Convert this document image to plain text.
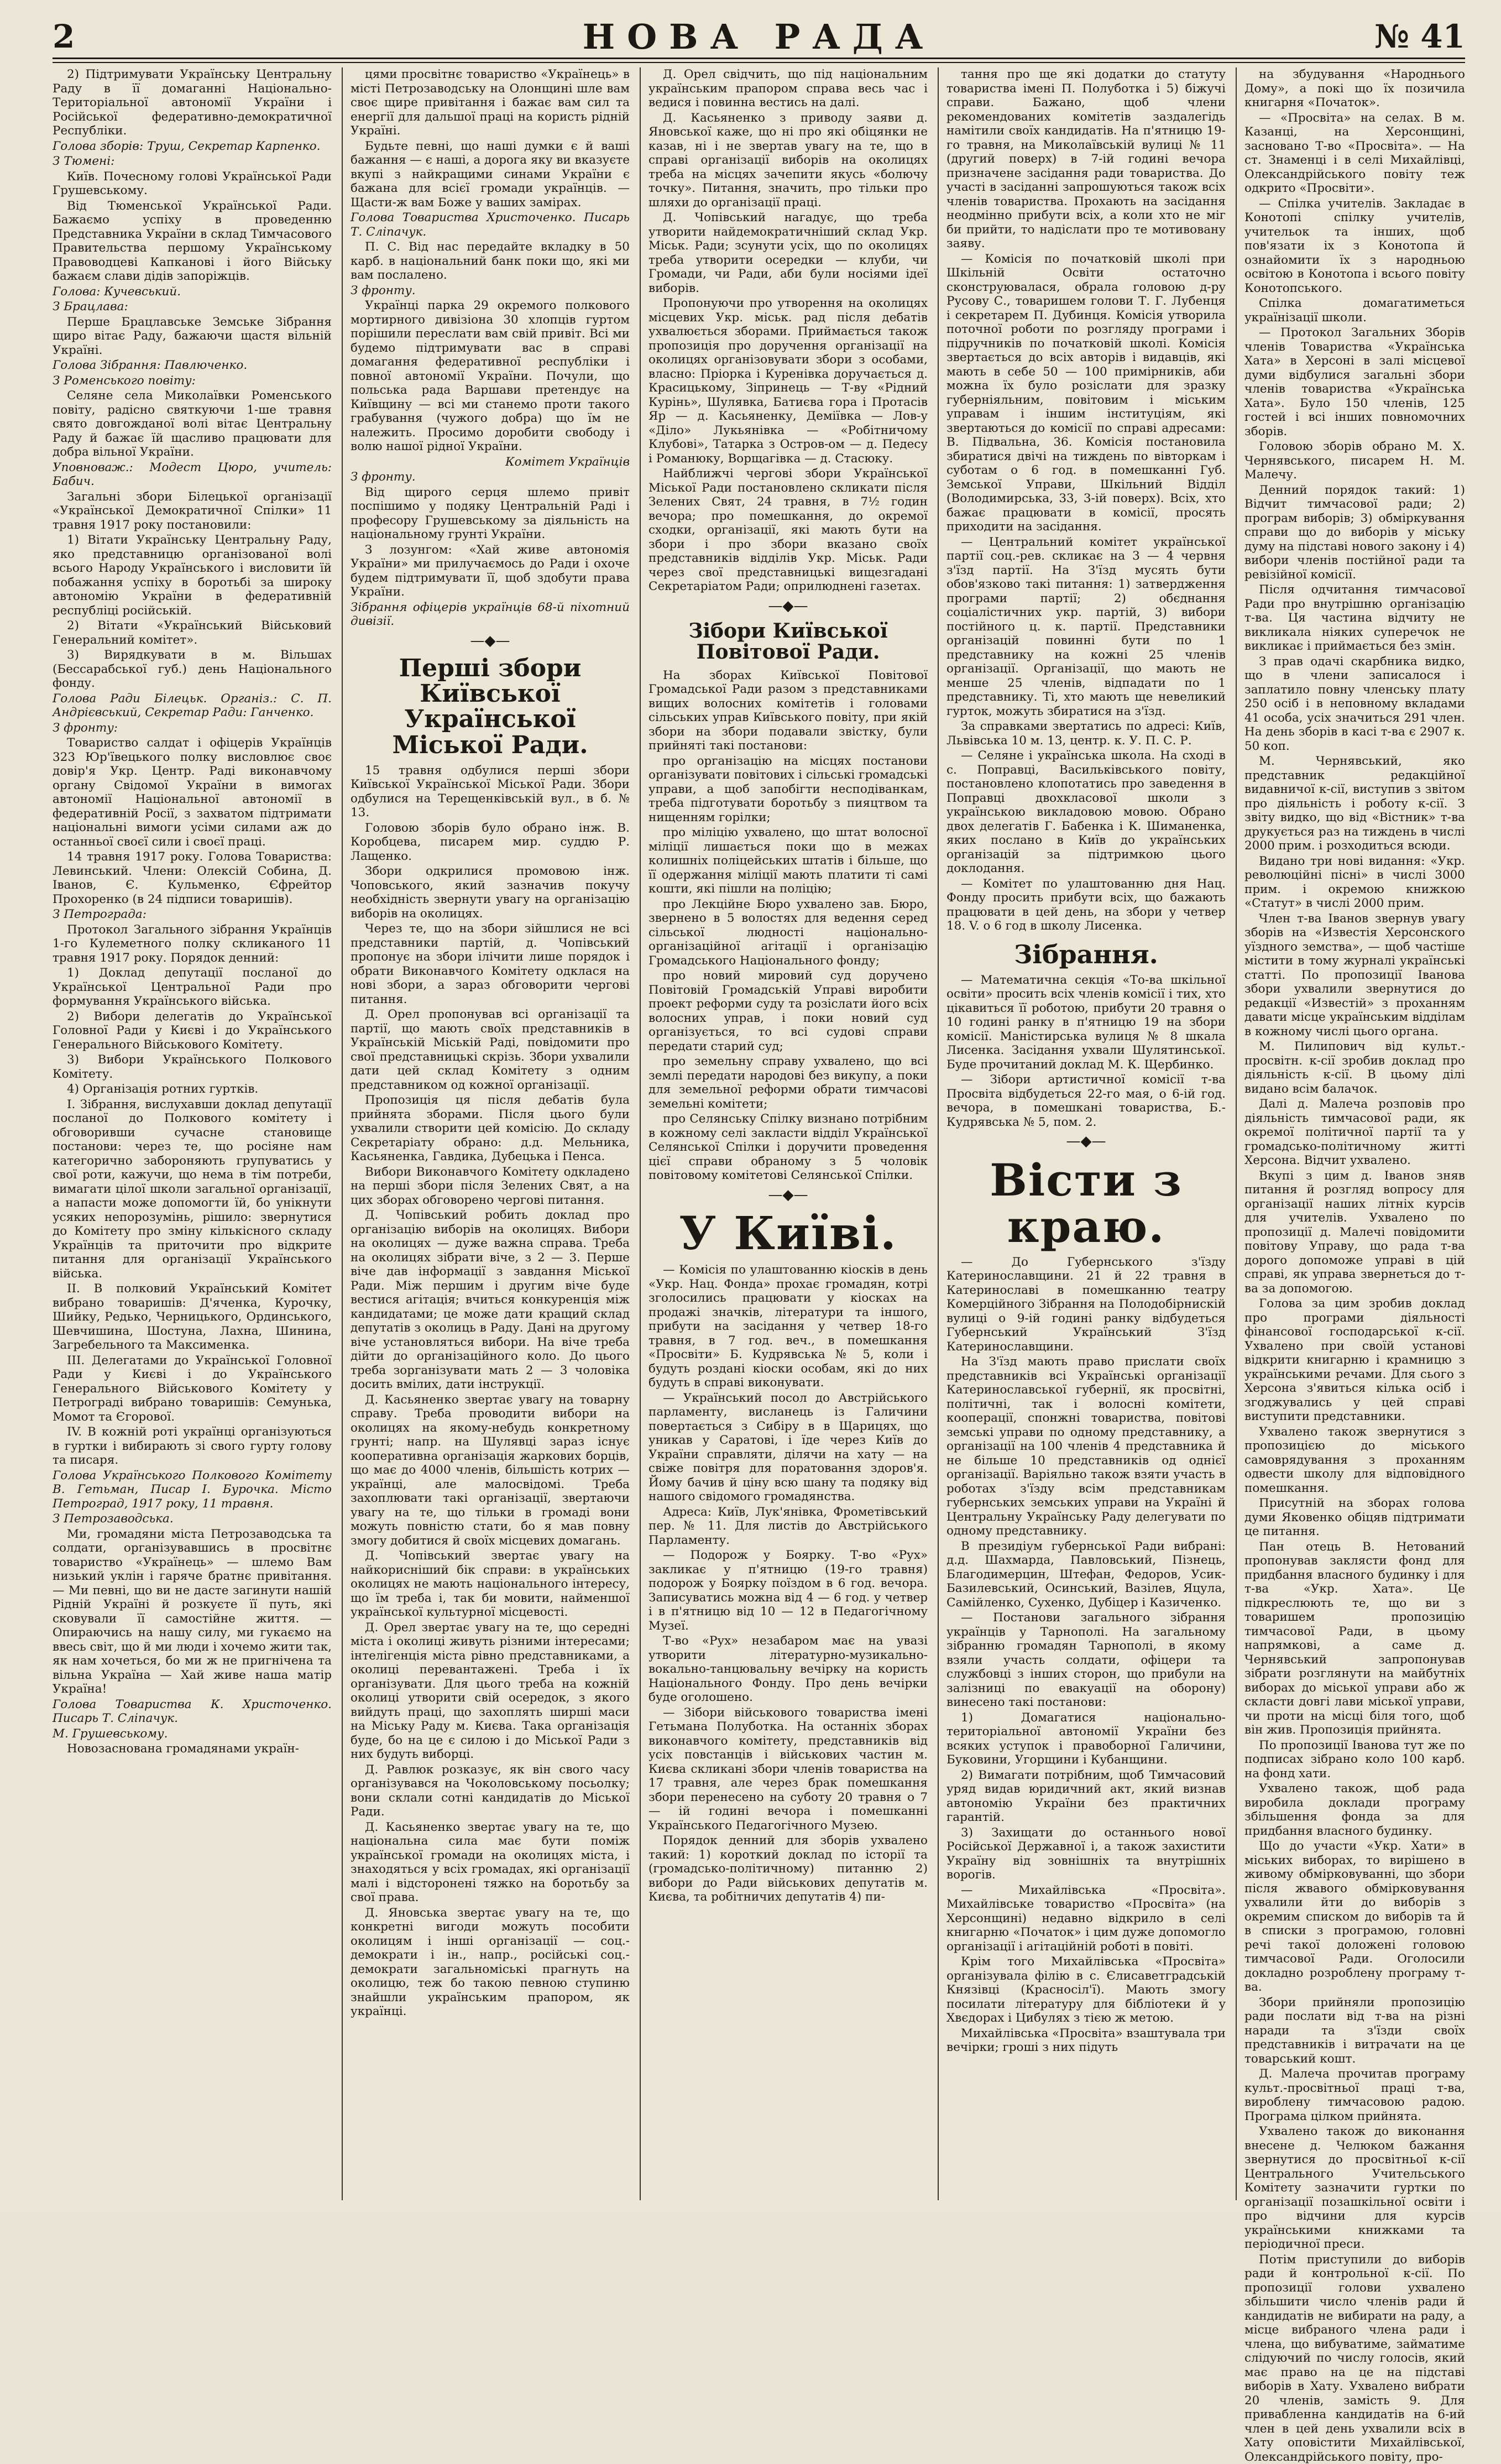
2	НОВА РАДА	№ 41

2) Підтримувати Українську Центральну Раду в її домаганні Національно-Територіальної автономії України і Російської федеративно-демократичної Республіки.

Голова зборів: Труш, Секретар Карпенко.

З Тюмені:

Київ. Почесному голові Української Ради Грушевському.

Від Тюменської Української Ради. Бажаємо успіху в проведенню Представника України в склад Тимчасового Правительства першому Українському Правоводцеві Капканові і його Війську бажаєм слави дідів запоріжців.

Голова: Кучевський.

З Брацлава:

Перше Брацлавське Земське Зібрання щиро вітає Раду, бажаючи щастя вільній Україні.

Голова Зібрання: Павлюченко.

З Роменського повіту:

Селяне села Миколаївки Роменського повіту, радісно святкуючи 1-ше травня свято довгожданої волі вітає Центральну Раду й бажає їй щасливо працювати для добра вільної України.

Уповноваж.: Модест Цюро, учитель: Бабич.

Загальні збори Білецької організації «Української Демократичної Спілки» 11 травня 1917 року постановили:

1) Вітати Українську Центральну Раду, яко представницю організованої волі всього Народу Українського і висловити їй побажання успіху в боротьбі за широку автономію України в федеративній республіці російській.

2) Вітати «Український Військовий Генеральний комітет».

3) Вирядкувати в м. Вільшах (Бессарабської губ.) день Національного фонду.

Голова Ради Білецьк. Організ.: С. П. Андрієвський, Секретар Ради: Ганченко.

З фронту:

Товариство салдат і офіцерів Українців 323 Юр'ївецького полку висловлює своє довір'я Укр. Центр. Раді виконавчому органу Свідомої України в вимогах автономії Національної автономії в федеративній Росії, з захватом підтримати національні вимоги усіми силами аж до останньої своєї сили і своєї праці.

14 травня 1917 року. Голова Товариства: Левинський. Члени: Олексій Собина, Д. Іванов, Є. Кульменко, Єфрейтор Прохоренко (в 24 підписи товаришів).

З Петрограда:

Протокол Загального зібрання Українців 1-го Кулеметного полку скликаного 11 травня 1917 року. Порядок денний:

1) Доклад депутації посланої до Української Центральної Ради про формування Українського війська.

2) Вибори делегатів до Української Головної Ради у Києві і до Українського Генерального Військового Комітету.

3) Вибори Українського Полкового Комітету.

4) Організація ротних гуртків.

I. Зібрання, вислухавши доклад депутації посланої до Полкового комітету і обговоривши сучасне становище постанови: через те, що росіяне нам категорично забороняють групуватись у свої роти, кажучи, що нема в тім потреби, вимагати цілої школи загальної організації, а напасти може допомогти їй, бо унікнути усяких непорозумінь, рішило: звернутися до Комітету про зміну кількісного складу Українців та приточити про відкрите питання для організації Українського війська.

II. В полковий Український Комітет вибрано товаришів: Д'яченка, Курочку, Шийку, Редько, Черницького, Ординського, Шевчишина, Шостунa, Лахна, Шинина, Загребельного та Максименка.

III. Делегатами до Української Головної Ради у Києві і до Українського Генерального Військового Комітету у Петрограді вибрано товаришів: Семунька, Момот та Єгорової.

IV. В кожній роті українці організуються в гуртки і вибирають зі свого гурту голову та писаря.

Голова Українського Полкового Комітету В. Гетьман, Писар І. Бурочка. Місто Петроград, 1917 року, 11 травня.

З Петрозаводська.

Ми, громадяни міста Петрозаводська та солдати, організувавшись в просвітнє товариство «Українець» — шлемо Вам низький уклін і гаряче братнє привітання. — Ми певні, що ви не дасте загинути нашій Рідній Україні й розкуєте її путь, які сковували її самостійне життя. — Опираючись на нашу силу, ми гукаємо на ввесь світ, що й ми люди і хочемо жити так, як нам хочеться, бо ми ж не пригнічена та вільна Україна — Хай живе наша матір Україна!

Голова Товариства К. Христоченко. Писарь Т. Сліпачук.

М. Грушевському.

Новозаснована громадянами україн-

цями просвітнє товариство «Українець» в місті Петрозаводську на Олонщині шле вам своє щире привітання і бажає вам сил та енергії для дальшої праці на користь рідній Україні.

Будьте певні, що наші думки є й ваші бажання — є наші, а дорога яку ви вказуєте вкупі з найкращими синами України є бажана для всієї громади українців. — Щасти-ж вам Боже у ваших замірах.

Голова Товариства Христоченко. Писарь Т. Сліпачук.

П. С. Від нас передайте вкладку в 50 карб. в національний банк поки що, які ми вам послалено.

З фронту.

Українці парка 29 окремого полкового мортирного дивізіона 30 хлопців гуртом порішили переслати вам свій привіт. Всі ми будемо підтримувати вас в справі домагання федеративної республіки і повної автономії України. Почули, що польська рада Варшави претендує на Київщину — всі ми станемо проти такого грабування (чужого добра) що їм не належить. Просимо доробити свободу і волю нашої рідної України.

Комітет Українців

З фронту.

Від щирого серця шлемо привіт поспішимо у подяку Центральній Раді і професору Грушевському за діяльність на національному грунті України.

З лозунгом: «Хай живе автономія України» ми прилучаємось до Ради і охоче будем підтримувати її, щоб здобути права України.

Зібрання офіцерів українців 68-й піхотний дивізії.

—◆—
Перші збори Київської Української Міської Ради.

15 травня одбулися перші збори Київської Української Міської Ради. Збори одбулися на Терещенківській вул., в б. № 13.

Головою зборів було обрано інж. В. Коробцева, писарем мир. суддю Р. Лащенко.

Збори одкрилися промовою інж. Чоповського, який зазначив покучу необхідність звернути увагу на організацію виборів на околицях.

Через те, що на збори зійшлися не всі представники партій, д. Чопівський пропонує на збори ілічити лише порядок і обрати Виконавчого Комітету одклася на нові збори, а зараз обговорити чергові питання.

Д. Орел пропонував всі організації та партії, що мають своїх представників в Українській Міській Раді, повідомити про свої представницькі скрізь. Збори ухвалили дати цей склад Комітету з одним представником од кожної організації.

Пропозиція ця після дебатів була прийнята зборами. Після цього були ухвалили створити цей комісію. До складу Секретаріату обрано: д.д. Мельника, Касьяненка, Гавдика, Дубецька і Пенса.

Вибори Виконавчого Комітету одкладено на перші збори після Зелених Свят, а на цих зборах обговорено чергові питання.

Д. Чопівський робить доклад про організацію виборів на околицях. Вибори на околицях — дуже важна справа. Треба на околицях зібрати віче, з 2 — 3. Перше віче дав інформації з завдання Міської Ради. Між першим і другим віче буде вестися агітація; вчиться конкуренція між кандидатами; це може дати кращий склад депутатів з околиць в Раду. Дані на другому віче установляться вибори. На віче треба дійти до організаційного коло. До цього треба зорганізувати мать 2 — 3 чоловіка досить вмілих, дати інструкції.

Д. Касьяненко звертає увагу на товарну справу. Треба проводити вибори на околицях на якому-небудь конкретному грунті; напр. на Шулявці зараз існує кооперативна організація жаркових борців, що має до 4000 членів, більшість котрих — українці, але малосвідомі. Треба захоплювати такі організації, звертаючи увагу на те, що тільки в громаді вони можуть повністю стати, бо я мав повну змогу добитися й своїх місцевих домагань.

Д. Чопівський звертає увагу на найкорисніший бік справи: в українських околицях не мають національного інтересу, що їм треба і, так би мовити, найменшої української культурної місцевості.

Д. Орел звертає увагу на те, що середні міста і околиці живуть різними інтересами; інтелігенція міста рівно представниками, а околиці перевантажені. Треба і їх організувати. Для цього треба на кожній околиці утворити свій осередок, з якого вийдуть праці, що захоплять ширші маси на Міську Раду м. Києва. Така організація буде, бо на це є силою і до Міської Ради з них будуть виборці.

Д. Равлюк розказує, як він свого часу організувався на Чоколовському посьолку; вони склали сотні кандидатів до Міської Ради.

Д. Касьяненко звертає увагу на те, що національна сила має бути поміж української громади на околицях міста, і знаходяться у всіх громадах, які організації малі і відсторонені тяжко на боротьбу за свої права.

Д. Яновська звертає увагу на те, що конкретні вигоди можуть пособити околицям і інші організації — соц.-демократи і ін., напр., російські соц.-демократи загальноміські прагнуть на околицю, теж бо такою певною ступиню знайшли українським прапором, як українці.

Д. Орел свідчить, що під національним українським прапором справа весь час і ведися і повинна вестись на далі.

Д. Касьяненко з приводу заяви д. Яновської каже, що ні про які обіцянки не казав, ні і не звертав увагу на те, що в справі організації виборів на околицях треба на місцях зачепити якусь «болючу точку». Питання, значить, про тільки про шляхи до організації праці.

Д. Чопівський нагадує, що треба утворити найдемократичніший склад Укр. Міськ. Ради; зсунути усіх, що по околицях треба утворити осередки — клуби, чи Громади, чи Ради, аби були носіями ідеї виборів.

Пропонуючи про утворення на околицях місцевих Укр. міськ. рад після дебатів ухвалюється зборами. Приймається також пропозиція про доручення організації на околицях організовувати збори з особами, власно: Пріорка і Куренівка доручається д. Красицькому, Зіпринець — Т-ву «Рідний Курінь», Шулявка, Батиєва гора і Протасів Яр — д. Касьяненку, Деміївка — Лов-у «Діло» Лукьянівка — «Робітничому Клубові», Татарка з Остров-ом — д. Педесу і Романюку, Ворщагівка — д. Стасюку.

Найближчі чергові збори Української Міської Ради постановлено скликати після Зелених Свят, 24 травня, в 7½ годин вечора; про помешкання, до окремої сходки, організації, які мають бути на збори і про збори вказано своїх представників відділів Укр. Міськ. Ради через свої представницькі вищезгадані Секретаріатом Ради; оприлюднені газетах.

—◆—
Зібори Київської Повітової Ради.

На зборах Київської Повітової Громадської Ради разом з представниками вищих волосних комітетів і головами сільських управ Київського повіту, при якій збори на збори подавали звістку, були прийняті такі постанови:

про організацію на місцях постанови організувати повітових і сільські громадські управи, а щоб запобігти несподіванкам, треба підготувати боротьбу з пияцтвом та нищенням горілки;

про міліцію ухвалено, що штат волосної міліції лишається поки що в межах колишніх поліцейських штатів і більше, що її одержання міліції мають платити ті самі кошти, які пішли на поліцію;

про Лекційне Бюро ухвалено зав. Бюро, звернено в 5 волостях для ведення серед сільської людності національно-організаційної агітації і організацію Громадського Національного фонду;

про новий мировий суд доручено Повітовій Громадській Управі виробити проект реформи суду та розіслати його всіх волосних управ, і поки новий суд організується, то всі судові справи передати старий суд;

про земельну справу ухвалено, що всі землі передати народові без викупу, а поки для земельної реформи обрати тимчасові земельні комітети;

про Селянську Спілку визнано потрібним в кожному селі закласти відділ Української Селянської Спілки і доручити проведення цієї справи обраному з 5 чоловік повітовому комітетові Селянської Спілки.

—◆—
У Київі.

— Комісія по улаштованню кіосків в день «Укр. Нац. Фонда» прохає громадян, котрі зголосились працювати у кіосках на продажі значків, літератури та іншого, прибути на засідання у четвер 18-го травня, в 7 год. веч., в помешкання «Просвіти» Б. Кудрявська № 5, коли і будуть роздані кіоски особам, які до них будуть в справі виконувати.

— Український посол до Австрійського парламенту, висланець із Галичини повертається з Сибіру в в Щарицях, що уникав у Саратові, і їде через Київ до України справляти, ділячи на хату — на свіже повітря для поратовання здоров'я. Йому бачив й ціну всю шану та подяку від нашого свідомого громадянства.

Адреса: Київ, Лук'янівка, Фрометівський пер. № 11. Для листів до Австрійського Парламенту.

— Подорож у Боярку. Т-во «Рух» закликає у п'ятницю (19-го травня) подорож у Боярку поїздом в 6 год. вечора. Записуватись можна від 4 — 6 год. у четвер і в п'ятницю від 10 — 12 в Педагогічному Музеї.

Т-во «Рух» незабаром має на увазі утворити літературно-музикально-вокально-танцювальну вечірку на користь Національного Фонду. Про день вечірки буде оголошено.

— Зібори військового товариства імені Гетьмана Полуботка. На останніх зборах виконавчого комітету, представників від усіх повстанців і військових частин м. Києва скликані збори членів товариства на 17 травня, але через брак помешкання збори перенесено на суботу 20 травня о 7 — ій годині вечора і помешканні Українського Педагогічного Музею.

Порядок денний для зборів ухвалено такий: 1) короткий доклад по історії та (громадсько-політичному) питанню 2) вибори до Ради військових депутатів м. Києва, та робітничих депутатів 4) пи-

тання про ще які додатки до статуту товариства імені П. Полуботка і 5) біжучі справи. Бажано, щоб члени рекомендованих комітетів заздалегідь намітили своїх кандидатів. На п'ятницю 19-го травня, на Миколаївській вулиці № 11 (другий поверх) в 7-ій годині вечора призначене засідання ради товариства. До участі в засіданні запрошуються також всіх членів товариства. Прохають на засідання неодмінно прибути всіх, а коли хто не міг би прийти, то надіслати про те мотивовану заяву.

— Комісія по початковій школі при Шкільній Освіти остаточно сконструювалася, обрала головою д-ру Русову С., товаришем голови Т. Г. Лубенця і секретарем П. Дубинця. Комісія утворила поточної роботи по розгляду програми і підручників по початковій школі. Комісія звертається до всіх авторів і видавців, які мають в себе 50 — 100 примірників, аби можна їх було розіслати для зразку губерніяльним, повітовим і міським управам і іншим інституціям, які звертаються до комісії по справі адресами: В. Підвальна, 36. Комісія постановила збиратися двічі на тиждень по вівторкам і суботам о 6 год. в помешканні Губ. Земської Управи, Шкільний Відділ (Володимирська, 33, 3-ій поверх). Всіх, хто бажає працювати в комісії, просять приходити на засідання.

— Центральний комітет української партії соц.-рев. скликає на 3 — 4 червня з'їзд партії. На З'їзд мусять бути обов'язково такі питання: 1) затвердження програми партії; 2) обєднання соціалістичних укр. партій, 3) вибори постійного ц. к. партії. Представники організацій повинні бути по 1 представнику на кожні 25 членів організації. Організації, що мають не менше 25 членів, відпадати по 1 представнику. Ті, хто мають ще невеликий гурток, можуть збиратися на з'їзд.

За справками звертатись по адресі: Київ, Львівська 10 м. 13, центр. к. У. П. С. Р.

— Селяне і українська школа. На сході в с. Поправці, Васильківського повіту, постановлено клопотатись про заведення в Поправці двохкласової школи з українською викладовою мовою. Обрано двох делегатів Г. Бабенка і К. Шиманенка, яких послано в Київ до українських організацій за підтримкою цього доклодання.

— Комітет по улаштованню дня Нац. Фонду просить прибути всіх, що бажають працювати в цей день, на збори у четвер 18. V. о 6 год в школу Лисенка.

Зібрання.

— Математична секція «То-ва шкільної освіти» просить всіх членів комісії і тих, хто цікавиться її роботою, прибути 20 травня о 10 годині ранку в п'ятницю 19 на збори комісії. Маністирська вулиця № 8 шкала Лисенка. Засідання ухвали Шулятинської. Буде прочитаний доклад М. К. Щербинко.

— Зібори артистичної комісії т-ва Просвіта відбудеться 22-го мая, о 6-ій год. вечора, в помешкані товариства, Б.-Кудрявська № 5, пом. 2.

—◆—
Вісти з краю.

— До Губернського з'їзду Катеринославщини. 21 й 22 травня в Катеринославі в помешканню театру Комерційного Зібрання на Полодобірнискій вулиці о 9-ій годині ранку відбудеться Губернський Український З'їзд Катеринославщини.

На З'їзд мають право прислати своїх представників всі Українські організації Катеринославської губернії, як просвітні, політичні, так і волосні комітети, кооперації, спонжні товариства, повітові земські управи по одному представнику, а організації на 100 членів 4 представника й не більше 10 представників од однієї організації. Варіяльно також взяти участь в роботах з'їзду всім представникам губернських земських управи на Україні й Центральну Українську Раду делегувати по одному представнику.

В президіум губернської Ради вибрані: д.д. Шахмарда, Павловський, Пізнець, Благодимерцин, Штефан, Федоров, Усик-Базилевський, Осинський, Вазілев, Яцула, Самійленко, Сухенко, Дубіцер і Казиченко.

— Постанови загального зібрання українців у Тарнополі. На загальному зібранню громадян Тарнополі, в якому взяли участь солдати, офіцери та службовці з інших сторон, що прибули на залізниці по евакуації на оборону) винесено такі постанови:

1) Домагатися національно-територіальної автономії України без всяких уступок і правоборної Галичини, Буковини, Угорщини і Кубанщини.

2) Вимагати потрібним, щоб Тимчасовий уряд видав юридичний акт, який визнав автономію України без практичних гарантій.

3) Захищати до останнього нової Російської Державної і, а також захистити Україну від зовнішніх та внутрішніх ворогів.

— Михайлівська «Просвіта». Михайлівське товариство «Просвіта» (на Херсонщині) недавно відкрило в селі книгарню «Початок» і цим дуже допомогло організації і агітаційній роботі в повіті.

Крім того Михайлівська «Просвіта» організувала філію в с. Єлисаветградській Князівці (Красносіл'ї). Мають змогу посилати літературу для бібліотеки й у Хвєдорах і Цибулях з тією ж метою.

Михайлівська «Просвіта» взаштувала три вечірки; гроші з них підуть

на збудування «Народнього Дому», а покі що їх позичила книгарня «Початок».

— «Просвіта» на селах. В м. Казанці, на Херсонщині, засновано Т-во «Просвіта». — На ст. Знаменці і в селі Михайлівці, Олександрійського повіту теж одкрито «Просвіти».

— Спілка учителів. Закладає в Конотопі спілку учителів, учительок та інших, щоб пов'язати іх з Конотопа й ознайомити їх з народньою освітою в Конотопа і всього повіту Конотопського.

Спілка домагатиметься українізації школи.

— Протокол Загальних Зборів членів Товариства «Українська Хата» в Херсоні в залі місцевої думи відбулися загальні збори членів товариства «Українська Хата». Було 150 членів, 125 гостей і всі інших повномочних зборів.

Головою зборів обрано М. Х. Чернявського, писарем Н. М. Малечу.

Денний порядок такий: 1) Відчит тимчасової ради; 2) програм виборів; 3) обміркування справи що до виборів у міську думу на підставі нового закону і 4) вибори членів постійної ради та ревізійної комісії.

Після одчитання тимчасової Ради про внутрішню організацію т-ва. Ця частина відчиту не викликала ніяких суперечок не викликає і приймається без змін.

З прав одачі скарбника видко, що в члени записалося і заплатило повну членську плату 250 осіб і в неповному вкладами 41 особа, усіх значиться 291 член. На день зборів в касі т-ва є 2907 к. 50 коп.

М. Чернявський, яко представник редакційної видавничої к-сії, виступив з звітом про діяльність і роботу к-сії. З звіту видко, що від «Вістник» т-ва друкується раз на тиждень в числі 2000 прим. і розходиться всюди.

Видано три нові видання: «Укр. революційні пісні» в числі 3000 прим. і окремою книжкою «Статут» в числі 2000 прим.

Член т-ва Іванов звернув увагу зборів на «Известія Херсонского уїздного земства», — щоб частіше містити в тому журналі українські статті. По пропозиції Іванова збори ухвалили звернутися до редакції «Известій» з проханням давати місце українським відділам в кожному числі цього органа.

М. Пилипович від культ.-просвітн. к-сії зробив доклад про діяльність к-сії. В цьому ділі видано всім балачок.

Далі д. Малеча розповів про діяльність тимчасової ради, як окремої політичної партії та у громадсько-політичному житті Херсона. Відчит ухвалено.

Вкупі з цим д. Іванов зняв питання й розгляд вопросу для організації наших літніх курсів для учителів. Ухвалено по пропозиції д. Малечі повідомити повітову Управу, що рада т-ва дорого допоможе управі в цій справі, як управа звернеться до т-ва за допомогою.

Голова за цим зробив доклад про програми діяльності фінансової господарської к-сії. Ухвалено при своїй установі відкрити книгарню і крамницю з українськими речами. Для сього з Херсона з'явиться кілька осіб і згоджувались у цей справі виступити представники.

Ухвалено також звернутися з пропозицією до міського самоврядування з проханням одвести школу для відповідного помешкання.

Присутній на зборах голова думи Яковенко обіцяв підтримати це питання.

Пан отець В. Нетований пропонував заклясти фонд для придбання власного будинку і для т-ва «Укр. Хата». Це підкреслюють те, що ви з товаришем пропозицію тимчасової Ради, в цьому напрямкові, а саме д. Чернявський запропонував зібрати розглянути на майбутніх виборах до міської управи або ж скласти довгі лави міської управи, чи проти на місці біля того, щоб він жив. Пропозиція прийнята.

По пропозиції Іванова тут же по подписах зібрано коло 100 карб. на фонд хати.

Ухвалено також, щоб рада виробила доклади програму збільшення фонда за для придбання власного будинку.

Що до участи «Укр. Хати» в міських виборах, то вирішено в живому обмірковуванні, що збори після жвавого обмірковування ухвалили йти до виборів з окремим списком до виборів та й в списки з програмою, головні речі такої доложені головою тимчасової Ради. Оголосили докладно розроблену програму т-ва.

Збори прийняли пропозицію ради послати від т-ва на різні наради та з'їзди своїх представників і витрачати на це товарський кошт.

Д. Малеча прочитав програму культ.-просвітньої праці т-ва, вироблену тимчасовою радою. Програма цілком прийнята.

Ухвалено також до виконання внесене д. Челюком бажання звернутися до просвітньої к-сії Центрального Учительського Комітету зазначити гуртки по організації позашкільної освіти і про відчини для курсів українськими книжками та періодичної преси.

Потім приступили до виборів ради й контрольної к-сії. По пропозиції голови ухвалено збільшити число членів ради й кандидатів не вибирати на раду, а місце вибраного члена ради і члена, що вибуватиме, займатиме слідуючий по числу голосів, який має право на це на підставі виборів в Хату. Ухвалено вибрати 20 членів, замість 9. Для привабленна кандидатів на 6-ий член в цей день ухвалили всіх в Хату оповістити Михайлівської, Олександрійського повіту, про-
